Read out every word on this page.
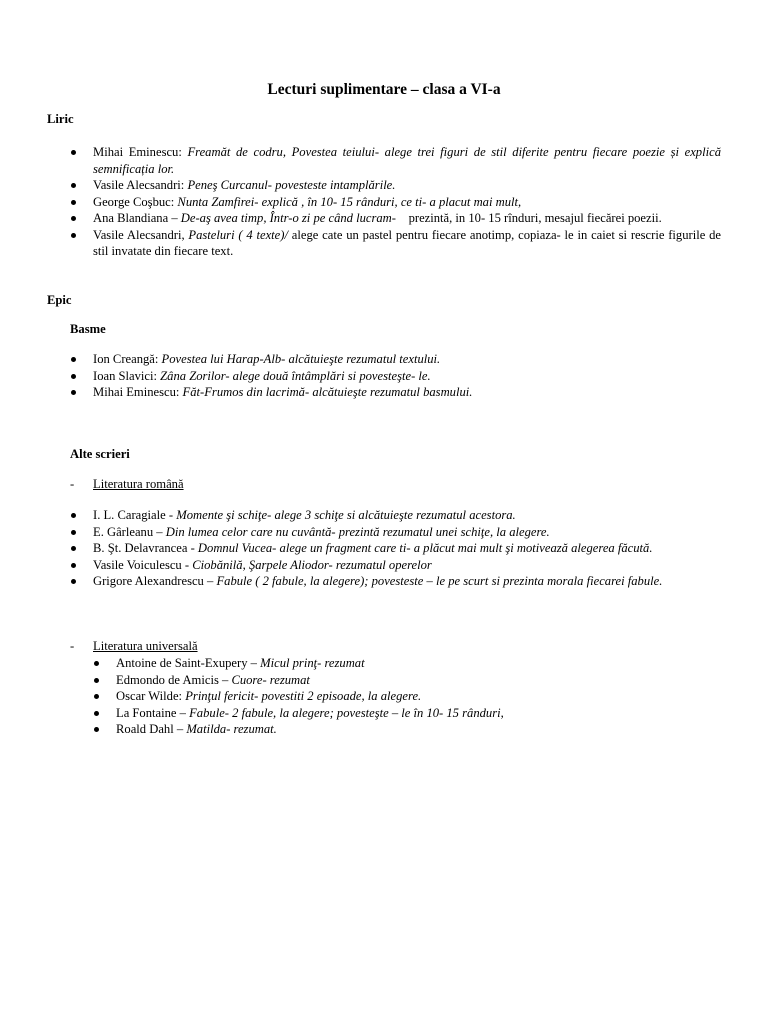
Lecturi suplimentare – clasa a VI-a
Liric
Mihai Eminescu: Freamăt de codru, Povestea teiului- alege trei figuri de stil diferite pentru fiecare poezie și explică semnificația lor.
Vasile Alecsandri: Peneş Curcanul- povesteste intamplările.
George Coşbuc: Nunta Zamfirei- explică , în 10- 15 rânduri, ce ti- a placut mai mult,
Ana Blandiana – De-aş avea timp, Într-o zi pe când lucram-    prezintă, in 10- 15 rînduri, mesajul fiecărei poezii.
Vasile Alecsandri, Pasteluri ( 4 texte)/ alege cate un pastel pentru fiecare anotimp, copiaza- le in caiet si rescrie figurile de stil invatate din fiecare text.
Epic
Basme
Ion Creangă: Povestea lui Harap-Alb- alcătuieşte rezumatul textului.
Ioan Slavici: Zâna Zorilor- alege două întâmplări si povesteşte- le.
Mihai Eminescu: Făt-Frumos din lacrimă- alcătuieşte rezumatul basmului.
Alte scrieri
- Literatura română
I. L. Caragiale - Momente şi schiţe- alege 3 schiţe si alcătuieşte rezumatul acestora.
E. Gârleanu – Din lumea celor care nu cuvântă- prezintă rezumatul unei schiţe, la alegere.
B. Şt. Delavrancea - Domnul Vucea- alege un fragment care ti- a plăcut mai mult şi motivează alegerea făcută.
Vasile Voiculescu - Ciobănilă, Şarpele Aliodor- rezumatul operelor
Grigore Alexandrescu – Fabule ( 2 fabule, la alegere); povesteste – le pe scurt si prezinta morala fiecarei fabule.
- Literatura universală
Antoine de Saint-Exupery – Micul prinţ- rezumat
Edmondo de Amicis – Cuore- rezumat
Oscar Wilde: Prinţul fericit- povestiti 2 episoade, la alegere.
La Fontaine – Fabule- 2 fabule, la alegere; povesteşte – le în 10- 15 rânduri,
Roald Dahl – Matilda- rezumat.
